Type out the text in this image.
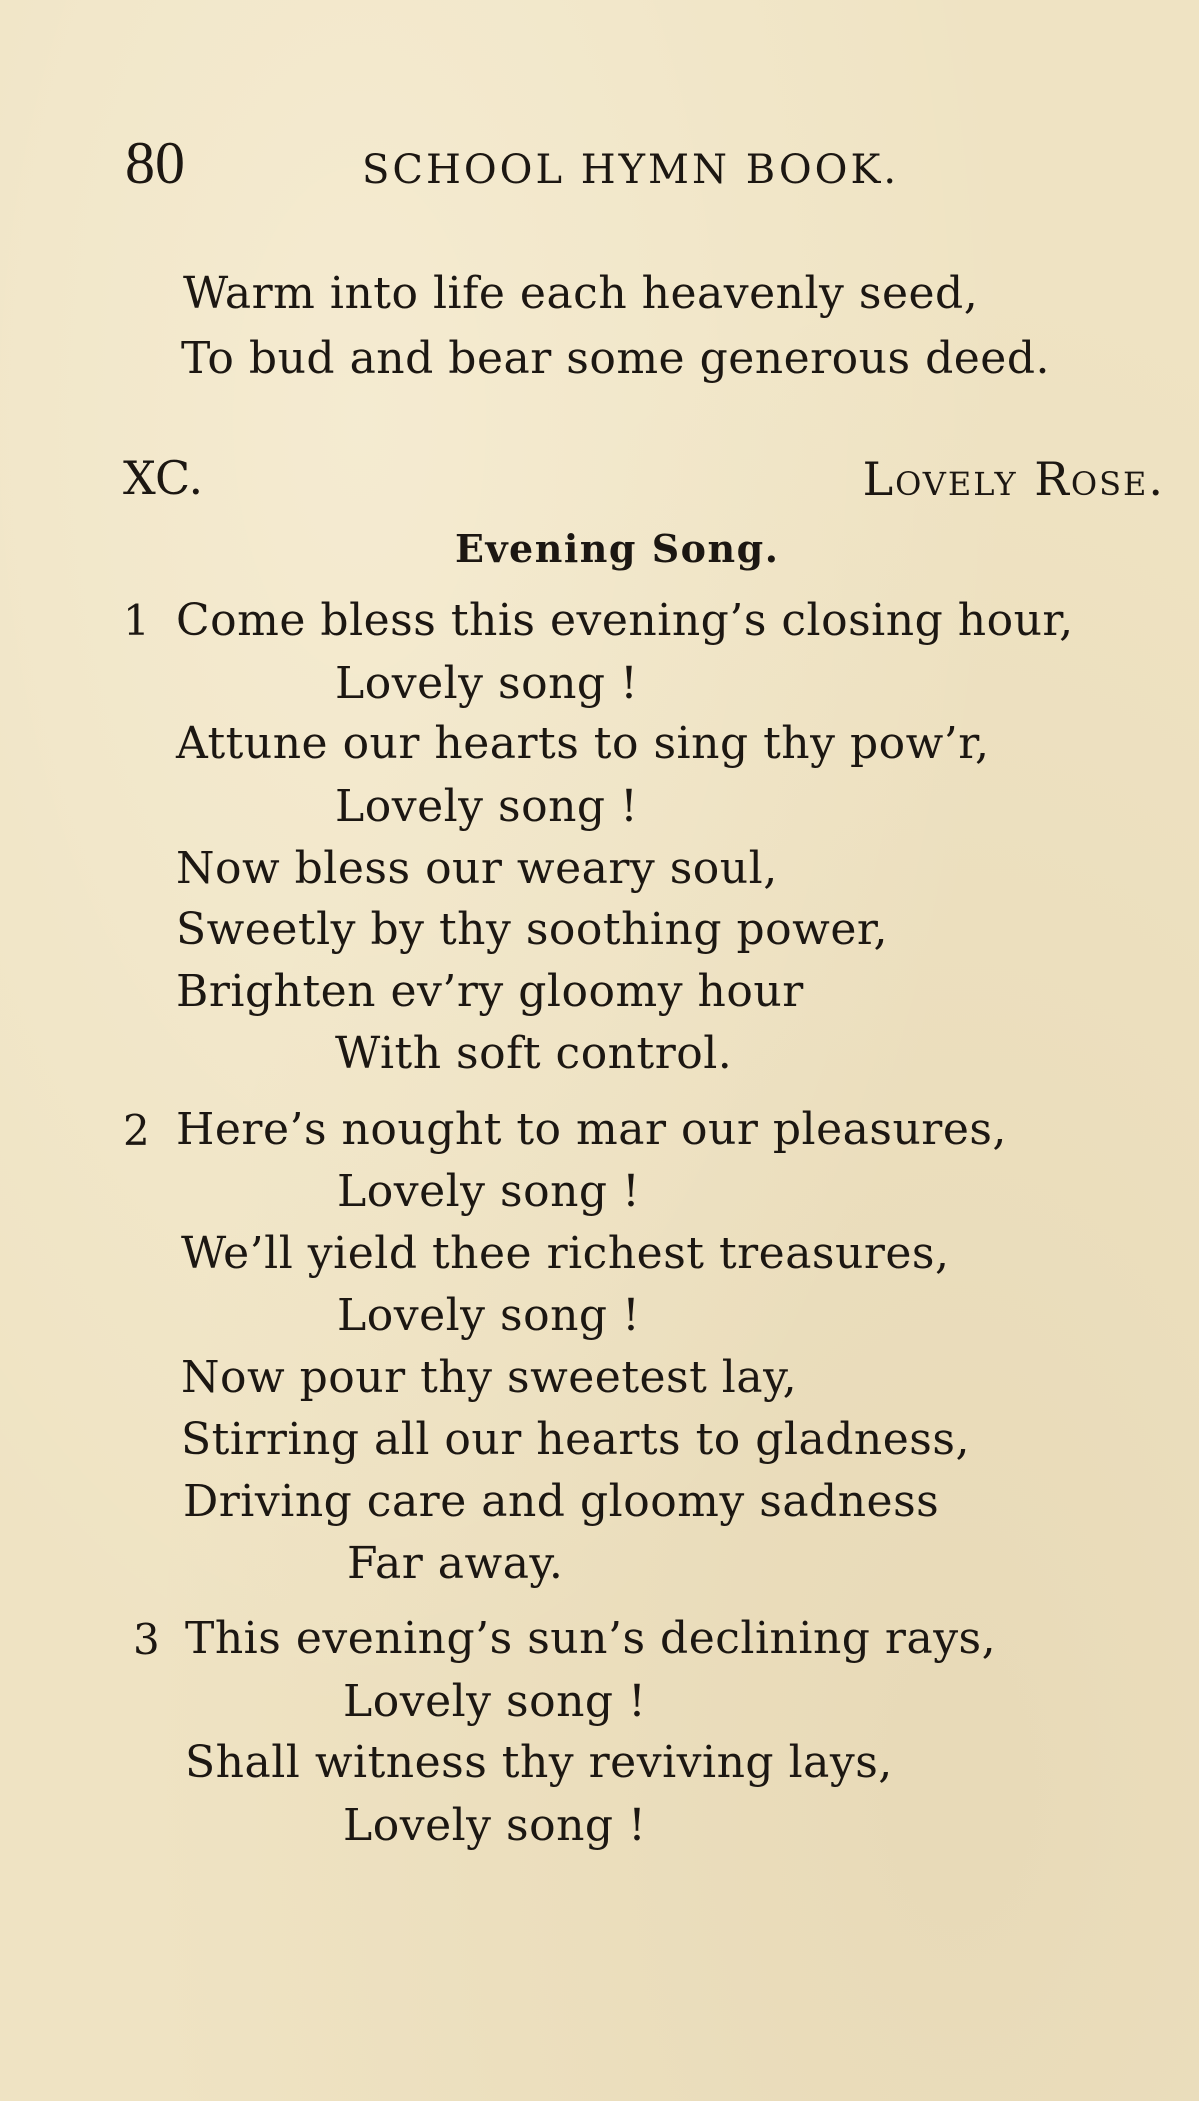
80	SCHOOL HYMN BOOK.
Warm into life each heavenly seed,
To bud and bear some generous deed.
XC.	Lovely Rose.
Evening Song.
1 Come bless this evening’s closing hour,
Lovely song !
Attune our hearts to sing thy pow’r,
Lovely song !
Now bless our weary soul,
Sweetly by thy soothing power,
Brighten ev’ry gloomy hour
With soft control.
2 Here’s nought to mar our pleasures,
Lovely song !
We’ll yield thee richest treasures,
Lovely song !
Now pour thy sweetest lay,
Stirring all our hearts to gladness,
Driving care and gloomy sadness
Far away.
3 This evening’s sun’s declining rays,
Lovely song !
Shall witness thy reviving lays,
Lovely song !
